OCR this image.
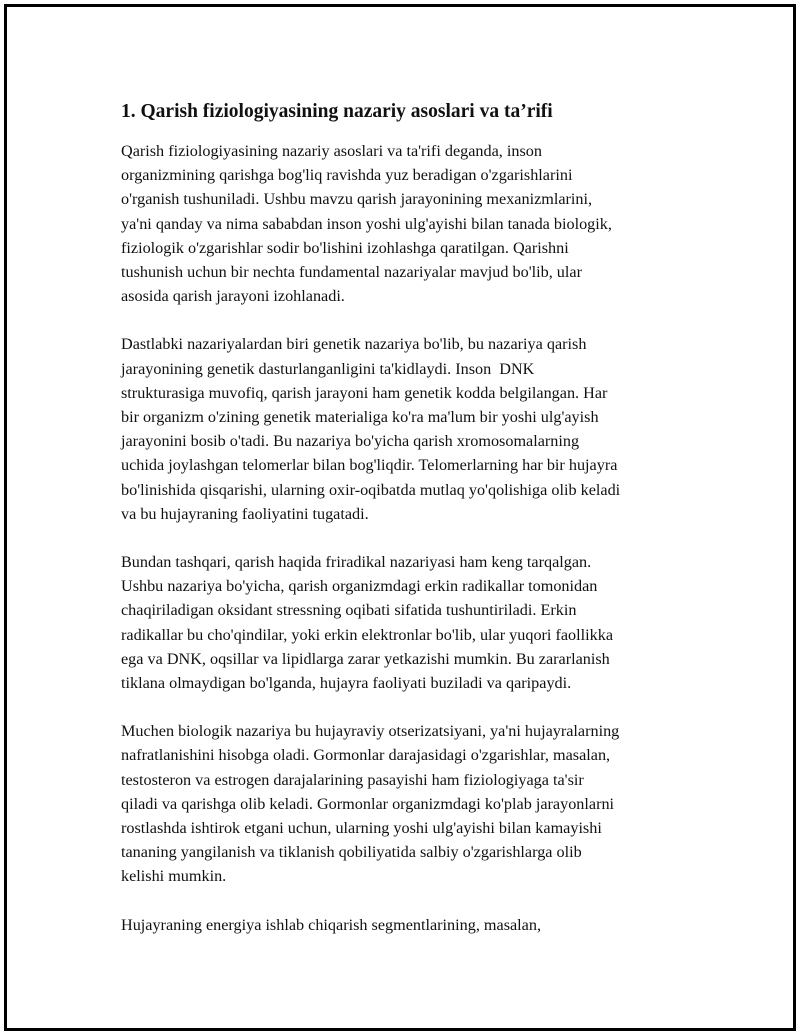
1. Qarish fiziologiyasining nazariy asoslari va ta’rifi
Qarish fiziologiyasining nazariy asoslari va ta'rifi deganda, inson
organizmining qarishga bog'liq ravishda yuz beradigan o'zgarishlarini
o'rganish tushuniladi. Ushbu mavzu qarish jarayonining mexanizmlarini,
ya'ni qanday va nima sababdan inson yoshi ulg'ayishi bilan tanada biologik,
fiziologik o'zgarishlar sodir bo'lishini izohlashga qaratilgan. Qarishni
tushunish uchun bir nechta fundamental nazariyalar mavjud bo'lib, ular
asosida qarish jarayoni izohlanadi.
Dastlabki nazariyalardan biri genetik nazariya bo'lib, bu nazariya qarish
jarayonining genetik dasturlanganligini ta'kidlaydi. Inson  DNK
strukturasiga muvofiq, qarish jarayoni ham genetik kodda belgilangan. Har
bir organizm o'zining genetik materialiga ko'ra ma'lum bir yoshi ulg'ayish
jarayonini bosib o'tadi. Bu nazariya bo'yicha qarish xromosomalarning
uchida joylashgan telomerlar bilan bog'liqdir. Telomerlarning har bir hujayra
bo'linishida qisqarishi, ularning oxir-oqibatda mutlaq yo'qolishiga olib keladi
va bu hujayraning faoliyatini tugatadi.
Bundan tashqari, qarish haqida friradikal nazariyasi ham keng tarqalgan.
Ushbu nazariya bo'yicha, qarish organizmdagi erkin radikallar tomonidan
chaqiriladigan oksidant stressning oqibati sifatida tushuntiriladi. Erkin
radikallar bu cho'qindilar, yoki erkin elektronlar bo'lib, ular yuqori faollikka
ega va DNK, oqsillar va lipidlarga zarar yetkazishi mumkin. Bu zararlanish
tiklana olmaydigan bo'lganda, hujayra faoliyati buziladi va qaripaydi.
Muchen biologik nazariya bu hujayraviy otserizatsiyani, ya'ni hujayralarning
nafratlanishini hisobga oladi. Gormonlar darajasidagi o'zgarishlar, masalan,
testosteron va estrogen darajalarining pasayishi ham fiziologiyaga ta'sir
qiladi va qarishga olib keladi. Gormonlar organizmdagi ko'plab jarayonlarni
rostlashda ishtirok etgani uchun, ularning yoshi ulg'ayishi bilan kamayishi
tananing yangilanish va tiklanish qobiliyatida salbiy o'zgarishlarga olib
kelishi mumkin.
Hujayraning energiya ishlab chiqarish segmentlarining, masalan,
